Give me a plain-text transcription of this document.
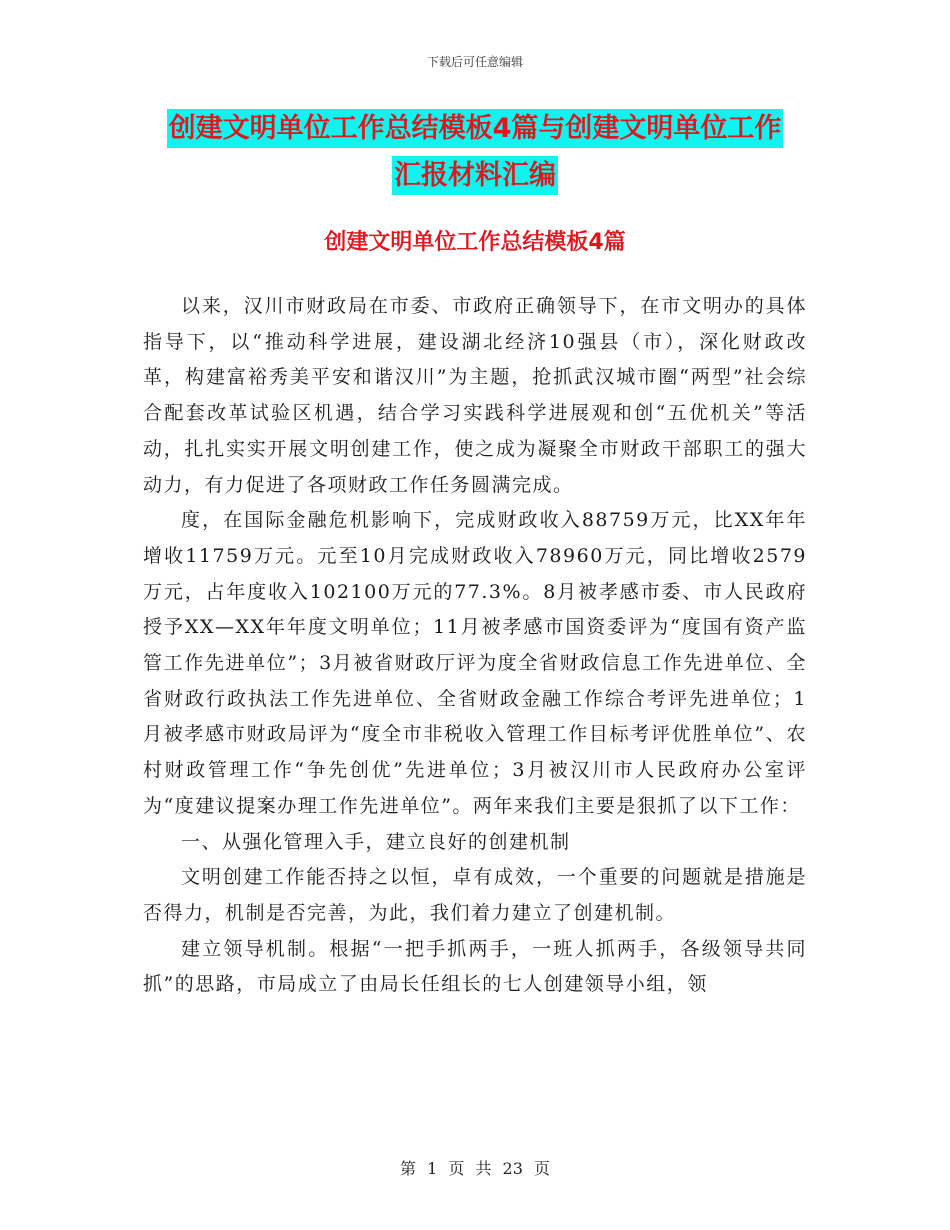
下载后可任意编辑
创建文明单位工作总结模板4篇与创建文明单位工作
汇报材料汇编
创建文明单位工作总结模板4篇

以来，汉川市财政局在市委、市政府正确领导下，在市文明办的具体指导下，以“推动科学进展，建设湖北经济10强县（市），深化财政改革，构建富裕秀美平安和谐汉川”为主题，抢抓武汉城市圈“两型”社会综合配套改革试验区机遇，结合学习实践科学进展观和创“五优机关”等活动，扎扎实实开展文明创建工作，使之成为凝聚全市财政干部职工的强大动力，有力促进了各项财政工作任务圆满完成。

度，在国际金融危机影响下，完成财政收入88759万元，比XX年年增收11759万元。元至10月完成财政收入78960万元，同比增收2579万元，占年度收入102100万元的77.3%。8月被孝感市委、市人民政府授予XX—XX年年度文明单位；11月被孝感市国资委评为“度国有资产监管工作先进单位”；3月被省财政厅评为度全省财政信息工作先进单位、全省财政行政执法工作先进单位、全省财政金融工作综合考评先进单位；1月被孝感市财政局评为“度全市非税收入管理工作目标考评优胜单位”、农村财政管理工作“争先创优”先进单位；3月被汉川市人民政府办公室评为“度建议提案办理工作先进单位”。两年来我们主要是狠抓了以下工作：

一、从强化管理入手，建立良好的创建机制

文明创建工作能否持之以恒，卓有成效，一个重要的问题就是措施是否得力，机制是否完善，为此，我们着力建立了创建机制。

建立领导机制。根据“一把手抓两手，一班人抓两手，各级领导共同抓”的思路，市局成立了由局长任组长的七人创建领导小组，领

第 1 页 共 23 页
